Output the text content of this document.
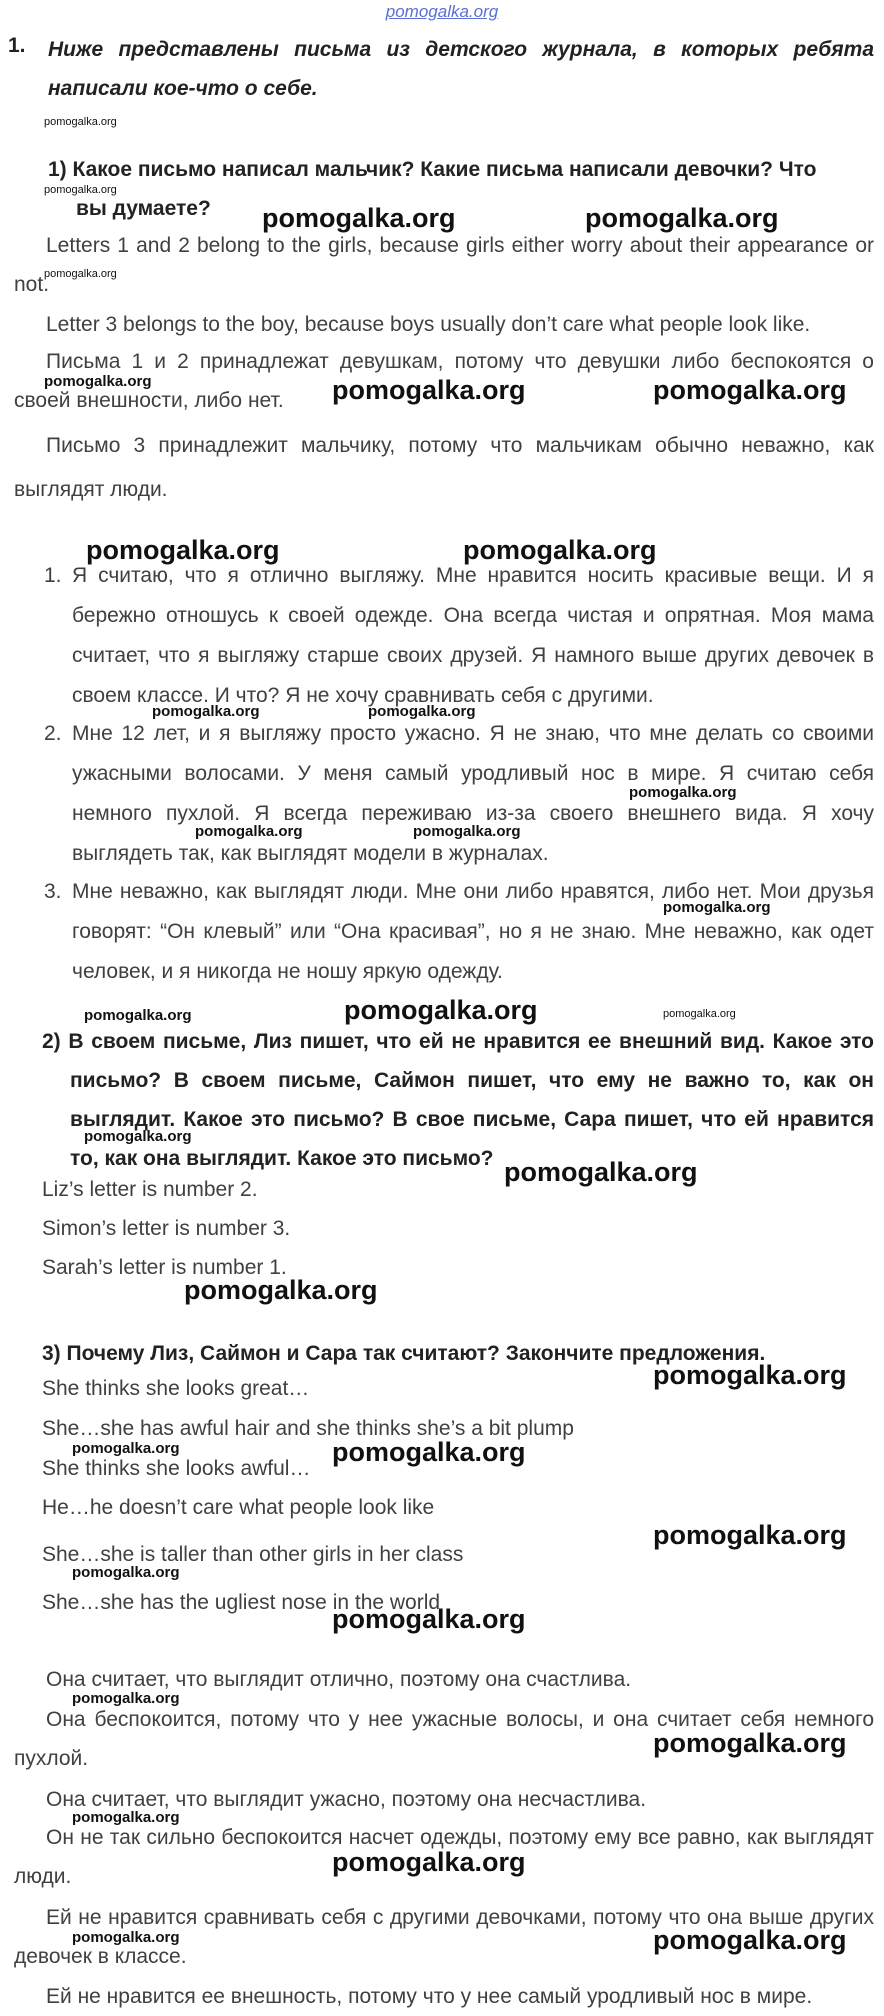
pomogalka.org
1. Ниже представлены письма из детского журнала, в которых ребята написали кое-что о себе.
1) Какое письмо написал мальчик? Какие письма написали девочки? Что вы думаете?
Letters 1 and 2 belong to the girls, because girls either worry about their appearance or not.
Letter 3 belongs to the boy, because boys usually don’t care what people look like.
Письма 1 и 2 принадлежат девушкам, потому что девушки либо беспокоятся о своей внешности, либо нет.
Письмо 3 принадлежит мальчику, потому что мальчикам обычно неважно, как выглядят люди.
1. Я считаю, что я отлично выгляжу. Мне нравится носить красивые вещи. И я бережно отношусь к своей одежде. Она всегда чистая и опрятная. Моя мама считает, что я выгляжу старше своих друзей. Я намного выше других девочек в своем классе. И что? Я не хочу сравнивать себя с другими.
2. Мне 12 лет, и я выгляжу просто ужасно. Я не знаю, что мне делать со своими ужасными волосами. У меня самый уродливый нос в мире. Я считаю себя немного пухлой. Я всегда переживаю из-за своего внешнего вида. Я хочу выглядеть так, как выглядят модели в журналах.
3. Мне неважно, как выглядят люди. Мне они либо нравятся, либо нет. Мои друзья говорят: “Он клевый” или “Она красивая”, но я не знаю. Мне неважно, как одет человек, и я никогда не ношу яркую одежду.
2) В своем письме, Лиз пишет, что ей не нравится ее внешний вид. Какое это письмо? В своем письме, Саймон пишет, что ему не важно то, как он выглядит. Какое это письмо? В свое письме, Сара пишет, что ей нравится то, как она выглядит. Какое это письмо?
Liz’s letter is number 2.
Simon’s letter is number 3.
Sarah’s letter is number 1.
3) Почему Лиз, Саймон и Сара так считают? Закончите предложения.
She thinks she looks great…
She…she has awful hair and she thinks she’s a bit plump
She thinks she looks awful…
He…he doesn’t care what people look like
She…she is taller than other girls in her class
She…she has the ugliest nose in the world
Она считает, что выглядит отлично, поэтому она счастлива.
Она беспокоится, потому что у нее ужасные волосы, и она считает себя немного пухлой.
Она считает, что выглядит ужасно, поэтому она несчастлива.
Он не так сильно беспокоится насчет одежды, поэтому ему все равно, как выглядят люди.
Ей не нравится сравнивать себя с другими девочками, потому что она выше других девочек в классе.
Ей не нравится ее внешность, потому что у нее самый уродливый нос в мире.
pomogalka.org
pomogalka.org
pomogalka.org
pomogalka.org	pomogalka.org
pomogalka.org	pomogalka.org	pomogalka.org
pomogalka.org	pomogalka.org
pomogalka.org	pomogalka.org
pomogalka.org
pomogalka.org	pomogalka.org
pomogalka.org
pomogalka.org	pomogalka.org	pomogalka.org
pomogalka.org
pomogalka.org
pomogalka.org
pomogalka.org
pomogalka.org	pomogalka.org
pomogalka.org
pomogalka.org
pomogalka.org
pomogalka.org
pomogalka.org
pomogalka.org
pomogalka.org
pomogalka.org
pomogalka.org
